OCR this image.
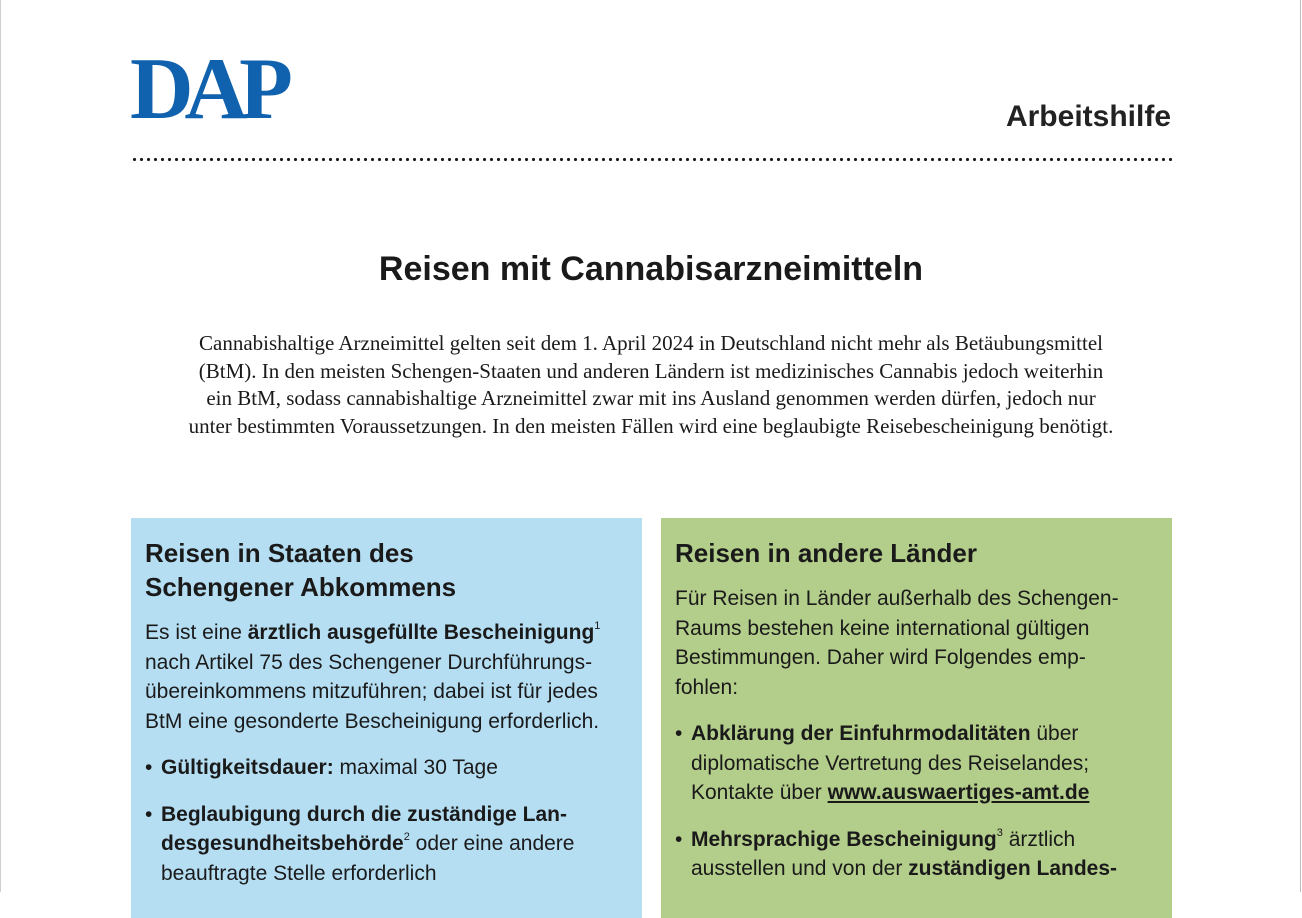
DAP	Arbeitshilfe
Reisen mit Cannabisarzneimitteln
Cannabishaltige Arzneimittel gelten seit dem 1. April 2024 in Deutschland nicht mehr als Betäubungsmittel
(BtM). In den meisten Schengen-Staaten und anderen Ländern ist medizinisches Cannabis jedoch weiterhin
ein BtM, sodass cannabishaltige Arzneimittel zwar mit ins Ausland genommen werden dürfen, jedoch nur
unter bestimmten Voraussetzungen. In den meisten Fällen wird eine beglaubigte Reisebescheinigung benötigt.
Reisen in Staaten des
Schengener Abkommens

Es ist eine ärztlich ausgefüllte Bescheinigung$^1$
nach Artikel 75 des Schengener Durchführungs-
übereinkommens mitzuführen; dabei ist für jedes
BtM eine gesonderte Bescheinigung erforderlich.

• Gültigkeitsdauer: maximal 30 Tage
• Beglaubigung durch die zuständige Lan-
desgesundheitsbehörde$^2$ oder eine andere
beauftragte Stelle erforderlich
Reisen in andere Länder

Für Reisen in Länder außerhalb des Schengen-
Raums bestehen keine international gültigen
Bestimmungen. Daher wird Folgendes emp-
fohlen:

• Abklärung der Einfuhrmodalitäten über
diplomatische Vertretung des Reiselandes;
Kontakte über www.auswaertiges-amt.de
• Mehrsprachige Bescheinigung$^3$ ärztlich
ausstellen und von der zuständigen Landes-
